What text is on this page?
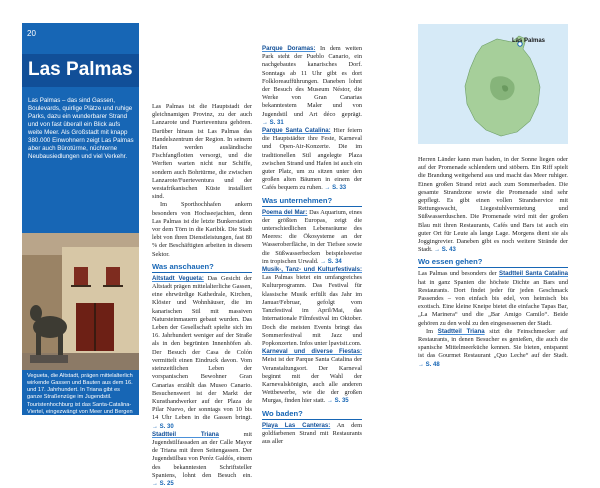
20
Las Palmas
Las Palmas – das sind Gassen, Boulevards, quirlige Plätze und ruhige Parks, dazu ein wunderbarer Strand und von fast überall ein Blick aufs weite Meer. Als Großstadt mit knapp 380.000 Einwohnern zeigt Las Palmas aber auch Bürotürme, nüchterne Neubausiedlungen und viel Verkehr.
Vegueta, die Altstadt, prägen mittelalterlich wirkende Gassen und Bauten aus dem 16. und 17. Jahrhundert. In Triana gibt es ganze Straßenzüge im Jugendstil. Touristenhochburg ist das Santa-Catalina-Viertel, eingezwängt von Meer und Bergen zwischen dem Strand von Las Canteras im Westen und dem Hafen im Osten.

Las Palmas ist die Hauptstadt der gleichnamigen Provinz, zu der auch Lanzarote und Fuerteventura gehören. Darüber hinaus ist Las Palmas das Handelszentrum der Region. In seinem Hafen werden ausländische Fischfangflotten versorgt, und die Werften warten nicht nur Schiffe, sondern auch Bohrtürme, die zwischen Lanzarote/Fuerteventura und der westafrikanischen Küste installiert sind.

Im Sporthochhafen ankern besonders von Hochseejachten, denn Las Palmas ist die letzte Bunkerstation vor dem Törn in die Karibik. Die Stadt lebt von ihren Dienstleistungen, fast 80 % der Beschäftigten arbeiten in diesem Sektor.

Was anschauen?

Altstadt Vegueta: Das Gesicht der Altstadt prägen mittelalterliche Gassen, eine ehrwürdige Kathedrale, Kirchen, Klöster und Wohnhäuser, die im kanarischen Stil mit massiven Natursteinmauern gebaut wurden. Das Leben der Gesellschaft spielte sich im 16. Jahrhundert weniger auf der Straße als in den begrünten Innenhöfen ab. Der Besuch der Casa de Colón vermittelt einen Eindruck davon. Vom steinzeitlichen Leben der vorspanischen Bewohner Gran Canarias erzählt das Museo Canario. Besuchenswert ist der Markt der Kunsthandwerker auf der Plaza de Pilar Nuevo, der sonntags von 10 bis 14 Uhr Leben in die Gassen bringt. → S. 30

Stadtteil Triana mit Jugendstilfassaden an der Calle Mayor de Triana mit ihren Seitengassen. Der Jugendstilbau von Peréz Galdós, einem des bekanntesten Schriftsteller Spaniens, lohnt den Besuch ein. → S. 25

Parque Doramas: In dem weiten Park steht der Pueblo Canario, ein nachgebautes kanarisches Dorf. Sonntags ab 11 Uhr gibt es dort Folkloreaufführungen. Daneben lohnt der Besuch des Museum Néstor, die Werke von Gran Canarias bekanntestem Maler und von Jugendstil und Art déco geprägt. → S. 31

Parque Santa Catalina: Hier feiern die Hauptstädter ihre Feste, Karneval und Open-Air-Konzerte. Die im traditionellen Stil angelegte Plaza zwischen Strand und Hafen ist auch ein guter Platz, um zu sitzen unter den großen alten Bäumen in einem der Cafés bequem zu ruhen. → S. 33

Was unternehmen?

Poema del Mar: Das Aquarium, eines der größten Europas, zeigt die unterschiedlichen Lebensräume des Meeres: die Ökosysteme an der Wasseroberfläche, in der Tiefsee sowie die Süßwasserbecken beispielsweise im tropischen Urwald. → S. 34

Musik-, Tanz- und Kulturfestivals: Las Palmas bietet ein umfangreiches Kulturprogramm. Das Festival für klassische Musik erfüllt das Jahr im Januar/Februar, gefolgt vom Tanzfestival im April/Mai, das Internationale Filmfestival im Oktober. Doch die meisten Events bringt das Sommerfestival mit Jazz und Popkonzerten. Infos unter lpavisit.com.

Karneval und diverse Fiestas: Meist ist der Parque Santa Catalina der Veranstaltungsort. Der Karneval beginnt mit der Wahl der Karnevalskönigin, auch alle anderen Wettbewerbe, wie die der großen Murgas, finden hier statt. → S. 35

Wo baden?

Playa Las Canteras: An dem goldfarbenen Strand mit Restaurants aus aller

Las Palmas

Herren Länder kann man baden, in der Sonne liegen oder auf der Promenade schlendern und stöbern. Ein Riff spielt die Brandung weitgehend aus und macht das Meer ruhiger. Einen großen Strand reizt auch zum Sommerbaden. Die gesamte Strandzone sowie die Promenade sind sehr gepflegt. Es gibt einen vollen Strandservice mit Rettungswacht, Liegestuhlvermietung und Süßwasserduschen. Die Promenade wird mit der großen Blau mit ihren Restaurants, Cafés und Bars ist auch ein guter Ort für Leute als lange Lage. Morgens dient sie als Joggingrevier. Daneben gibt es noch weitere Strände der Stadt. → S. 43

Wo essen gehen?

Las Palmas und besonders der Stadtteil Santa Catalina hat in ganz Spanien die höchste Dichte an Bars und Restaurants. Dort findet jeder für jeden Geschmack Passendes – von einfach bis edel, von heimisch bis exotisch. Eine kleine Kneipe bietet die einfache Tapas Bar, „La Marinera“ und die „Bar Amigo Camilo“. Beide gehören zu den wohl zu den eingesessenen der Stadt.

Im Stadtteil Triana sitzt die Feinschmecker auf Restaurants, in denen Besucher es genießen, die auch die spanische Mittelmeerküche kennen. Sie bieten, entspannt ist das Gourmet Restaurant „Quo Leche“ auf der Stadt. → S. 48
